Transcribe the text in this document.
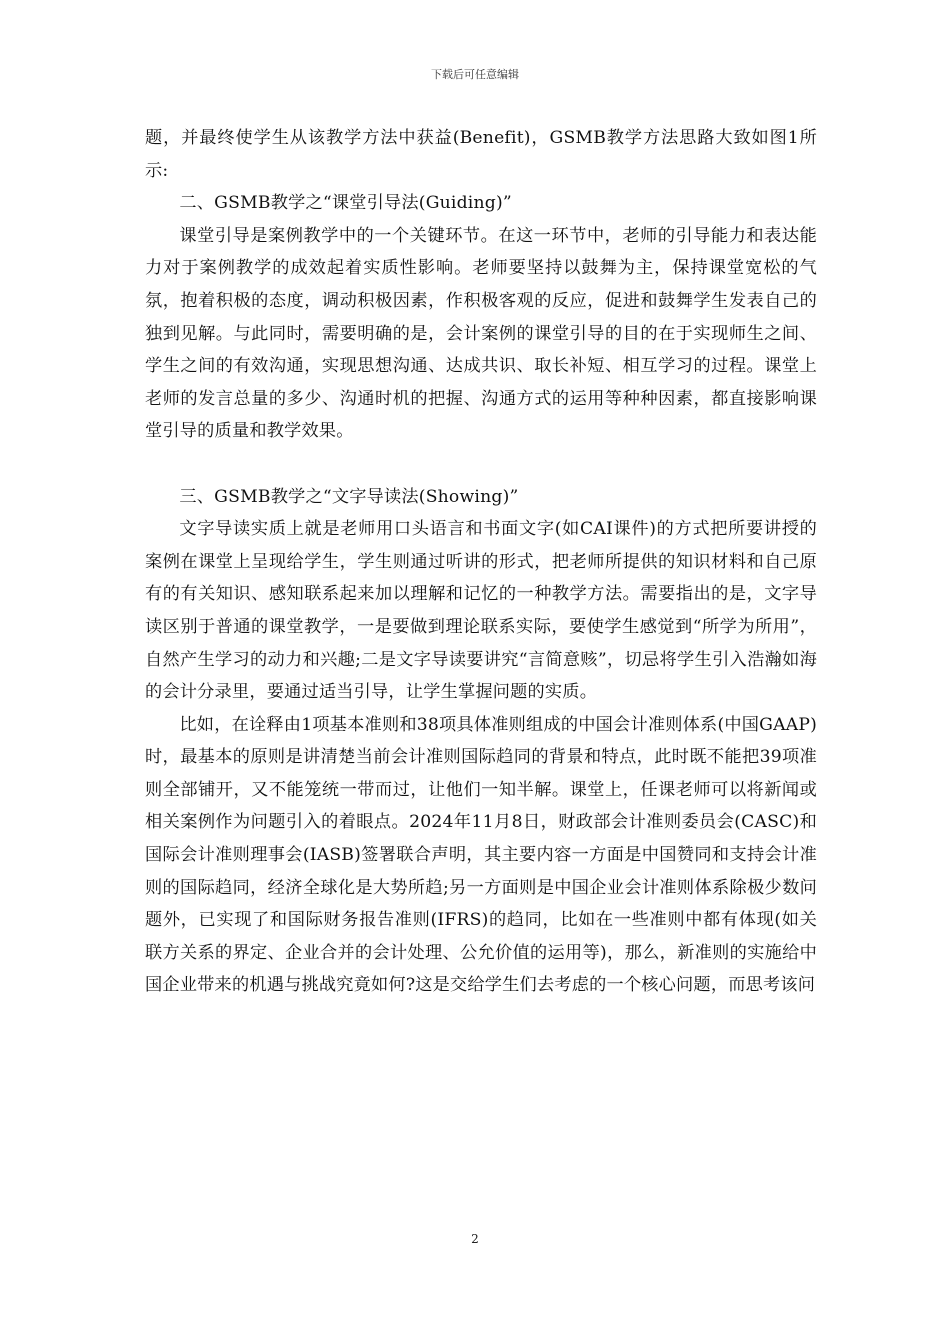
下载后可任意编辑

题，并最终使学生从该教学方法中获益(Benefit)，GSMB教学方法思路大致如图1所示:

二、GSMB教学之“课堂引导法(Guiding)”

课堂引导是案例教学中的一个关键环节。在这一环节中，老师的引导能力和表达能力对于案例教学的成效起着实质性影响。老师要坚持以鼓舞为主，保持课堂宽松的气氛，抱着积极的态度，调动积极因素，作积极客观的反应，促进和鼓舞学生发表自己的独到见解。与此同时，需要明确的是，会计案例的课堂引导的目的在于实现师生之间、学生之间的有效沟通，实现思想沟通、达成共识、取长补短、相互学习的过程。课堂上老师的发言总量的多少、沟通时机的把握、沟通方式的运用等种种因素，都直接影响课堂引导的质量和教学效果。

三、GSMB教学之“文字导读法(Showing)”

文字导读实质上就是老师用口头语言和书面文字(如CAI课件)的方式把所要讲授的案例在课堂上呈现给学生，学生则通过听讲的形式，把老师所提供的知识材料和自己原有的有关知识、感知联系起来加以理解和记忆的一种教学方法。需要指出的是，文字导读区别于普通的课堂教学，一是要做到理论联系实际，要使学生感觉到“所学为所用”，自然产生学习的动力和兴趣;二是文字导读要讲究“言简意赅”，切忌将学生引入浩瀚如海的会计分录里，要通过适当引导，让学生掌握问题的实质。

比如，在诠释由1项基本准则和38项具体准则组成的中国会计准则体系(中国GAAP)时，最基本的原则是讲清楚当前会计准则国际趋同的背景和特点，此时既不能把39项准则全部铺开，又不能笼统一带而过，让他们一知半解。课堂上，任课老师可以将新闻或相关案例作为问题引入的着眼点。2024年11月8日，财政部会计准则委员会(CASC)和国际会计准则理事会(IASB)签署联合声明，其主要内容一方面是中国赞同和支持会计准则的国际趋同，经济全球化是大势所趋;另一方面则是中国企业会计准则体系除极少数问题外，已实现了和国际财务报告准则(IFRS)的趋同，比如在一些准则中都有体现(如关联方关系的界定、企业合并的会计处理、公允价值的运用等)，那么，新准则的实施给中国企业带来的机遇与挑战究竟如何?这是交给学生们去考虑的一个核心问题，而思考该问

2
